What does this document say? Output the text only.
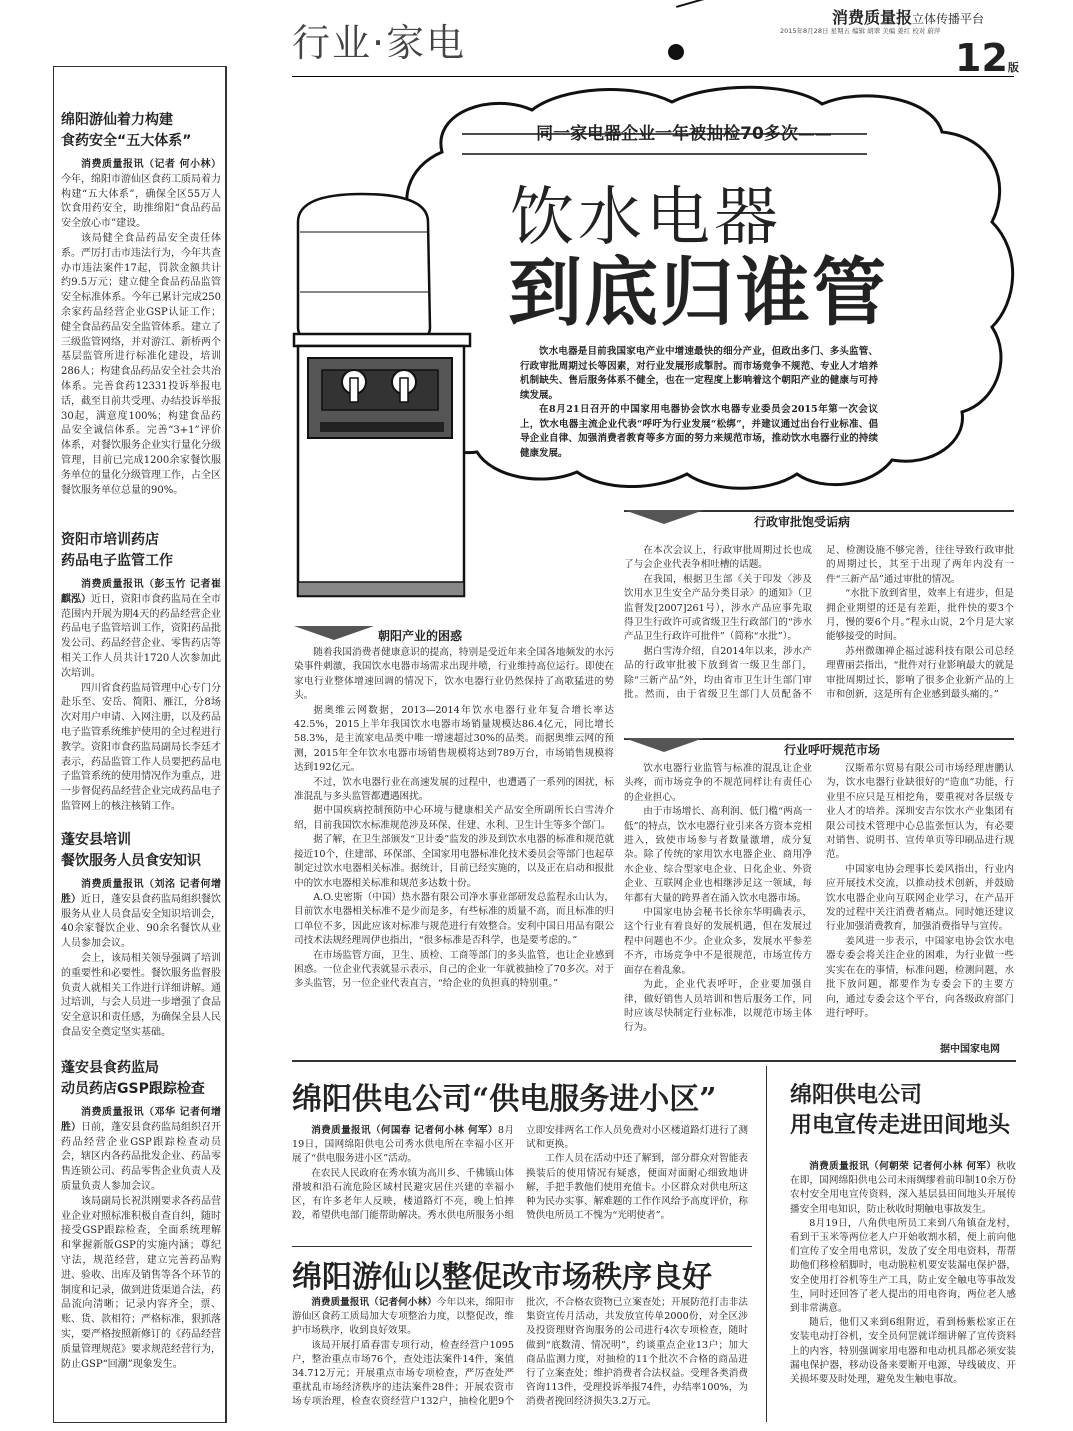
行业·家电
消费质量报立体传播平台
2015年8月28日 星期五 编辑 胡翠 美编 姜红 校对 蔚萍
12版
绵阳游仙着力构建
食药安全“五大体系”

消费质量报讯（记者 何小林）今年，绵阳市游仙区食药工质局着力构建“五大体系”，确保全区55万人饮食用药安全，助推绵阳“食品药品安全放心市”建设。

该局健全食品药品安全责任体系。严厉打击市违法行为，今年共查办市违法案件17起，罚款金额共计约9.5万元；建立健全食品药品监管安全标准体系。今年已累计完成250余家药品经营企业GSP认证工作；健全食品药品安全监管体系。建立了三级监管网络，并对游江、新桥两个基层监管所进行标准化建设，培训286人；构建食品药品安全社会共治体系。完善食药12331投诉举报电话，截至目前共受理、办结投诉举报30起，满意度100%；构建食品药品安全诚信体系。完善“3+1”评价体系，对餐饮服务企业实行量化分级管理，目前已完成1200余家餐饮服务单位的量化分级管理工作，占全区餐饮服务单位总量的90%。

资阳市培训药店
药品电子监管工作

消费质量报讯（彭玉竹 记者崔麒泓）近日，资阳市食药监局在全市范围内开展为期4天的药品经营企业药品电子监管培训工作，资阳药品批发公司、药品经营企业、零售药店等相关工作人员共计1720人次参加此次培训。

四川省食药监局管理中心专门分赴乐至、安岳、简阳、雁江，分8场次对用户申请、入网注册，以及药品电子监管系统维护使用的全过程进行教学。资阳市食药监局副局长李廷才表示，药品监管工作人员要把药品电子监管系统的使用情况作为重点，进一步督促药品经营企业完成药品电子监管网上的核注核销工作。

蓬安县培训
餐饮服务人员食安知识

消费质量报讯（刘洺 记者何增胜）近日，蓬安县食药监局组织餐饮服务从业人员食品安全知识培训会，40余家餐饮企业、90余名餐饮从业人员参加会议。

会上，该局相关领导强调了培训的重要性和必要性。餐饮服务监督股负责人就相关工作进行详细讲解。通过培训，与会人员进一步增强了食品安全意识和责任感，为确保全县人民食品安全奠定坚实基础。

蓬安县食药监局
动员药店GSP跟踪检查

消费质量报讯（邓华 记者何增胜）日前，蓬安县食药监局组织召开药品经营企业GSP跟踪检查动员会，辖区内各药品批发企业、药品零售连锁公司、药品零售企业负责人及质量负责人参加会议。

该局副局长祝洪刚要求各药品营业企业对照标准积极自查自纠，随时接受GSP跟踪检查，全面系统理解和掌握新版GSP的实施内涵；尊纪守法，规范经营，建立完善药品购进、验收、出库及销售等各个环节的制度和记录，做到进货渠道合法，药品流向清晰；记录内容齐全，票、账、货、款相符；严格标准，狠抓落实，要严格按照新修订的《药品经营质量管理规范》要求规范经营行为，防止GSP“回潮”现象发生。

同一家电器企业一年被抽检70多次——
饮水电器
到底归谁管

饮水电器是目前我国家电产业中增速最快的细分产业，但政出多门、多头监管、行政审批周期过长等因素，对行业发展形成掣肘。而市场竞争不规范、专业人才培养机制缺失、售后服务体系不健全，也在一定程度上影响着这个朝阳产业的健康与可持续发展。

在8月21日召开的中国家用电器协会饮水电器专业委员会2015年第一次会议上，饮水电器主流企业代表“呼吁为行业发展“松绑”，并建议通过出台行业标准、倡导企业自律、加强消费者教育等多方面的努力来规范市场，推动饮水电器行业的持续健康发展。

朝阳产业的困惑

随着我国消费者健康意识的提高，特别是受近年来全国各地频发的水污染事件刺激，我国饮水电器市场需求出现井喷，行业维持高位运行。即使在家电行业整体增速回调的情况下，饮水电器行业仍然保持了高歌猛进的势头。

据奥维云网数据，2013—2014年饮水电器行业年复合增长率达42.5%，2015上半年我国饮水电器市场销量规模达86.4亿元，同比增长58.3%，是主流家电品类中唯一增速超过30%的品类。而据奥维云网的预测，2015年全年饮水电器市场销售规模将达到789万台，市场销售规模将达到192亿元。

不过，饮水电器行业在高速发展的过程中，也遭遇了一系列的困扰，标准混乱与多头监管都遭遇困扰。

据中国疾病控制预防中心环境与健康相关产品安全所副所长白雪涛介绍，目前我国饮水标准规范涉及环保、住建、水利、卫生计生等多个部门。

据了解，在卫生部颁发“卫计委”监发的涉及到饮水电器的标准和规范就接近10个，住建部、环保部、全国家用电器标准化技术委员会等部门也起草制定过饮水电器相关标准。据统计，目前已经实施的，以及正在启动和报批中的饮水电器相关标准和规范多达数十份。

A.O.史密斯（中国）热水器有限公司净水事业部研发总监程永山认为，目前饮水电器相关标准不是少而是多，有些标准的质量不高，而且标准的归口单位不多，因此应该对标准与规范进行有效整合。安利中国日用品有限公司技术法规经理周伊也指出，“很多标准是否科学，也是要考虑的。”

在市场监管方面，卫生、质检、工商等部门的多头监管，也让企业感到困惑。一位企业代表就显示表示，自己的企业一年就被抽检了70多次。对于多头监管，另一位企业代表直言，“给企业的负担真的特别重。”

行政审批饱受诟病

在本次会议上，行政审批周期过长也成了与会企业代表争相吐槽的话题。

在我国，根据卫生部《关于印发〈涉及饮用水卫生安全产品分类目录〉的通知》（卫监督发[2007]261号），涉水产品应事先取得卫生行政许可或省级卫生行政部门的“涉水产品卫生行政许可批件”（简称“水批”）。

据白雪涛介绍，自2014年以来，涉水产品的行政审批被下放到省一级卫生部门，除“三新产品”外，均由省市卫生计生部门审批。然而，由于省级卫生部门人员配备不足、检测设施不够完善，往往导致行政审批的周期过长，其至于出现了两年内没有一件“三新产品”通过审批的情况。

“水批下放到省里，效率上有进步，但是拥企业期望的还是有差距，批件快的要3个月，慢的要6个月。”程永山说，2个月是大家能够接受的时间。

苏州微珈禅企福过滤科技有限公司总经理曹丽芸指出，“批件对行业影响最大的就是审批周期过长，影响了很多企业新产品的上市和创新，这是所有企业感到最头痛的。”

行业呼吁规范市场

饮水电器行业监管与标准的混乱让企业头疼，而市场竞争的不规范同样让有责任心的企业担心。

由于市场增长、高利润、低门槛“两高一低”的特点，饮水电器行业引来各方资本竞相进入，致使市场参与者数量激增，成分复杂。除了传统的家用饮水电器企业、商用净水企业、综合型家电企业、日化企业、外资企业、互联网企业也相继涉足这一领域，每年都有大量的跨界者在涌入饮水电器市场。

中国家电协会秘书长徐东华明确表示，这个行业有着良好的发展机遇，但在发展过程中问题也不少。企业众多，发展水平参差不齐，市场竞争中不是很规范，市场宣传方面存在着乱象。

为此，企业代表呼吁，企业要加强自律，做好销售人员培训和售后服务工作，同时应该尽快制定行业标准，以规范市场主体行为。

汉斯希尔贸易有限公司市场经理唐鹏认为，饮水电器行业缺很好的“造血”功能，行业里不应只是互相挖角，要重视对各层级专业人才的培养。深圳安吉尔饮水产业集团有限公司技术管理中心总监张恒认为，有必要对销售、说明书、宣传单页等印刷品进行规范。

中国家电协会理事长姜风指出，行业内应开展技术交流，以推动技术创新，并鼓励饮水电器企业向互联网企业学习，在产品开发的过程中关注消费者痛点。同时她还建议行业加强消费教育，加强消费指导与宣传。

姜风进一步表示，中国家电协会饮水电器专委会将关注企业的困难，为行业做一些实实在在的事情，标准问题，检测问题，水批下放问题，都要作为专委会下的主要方向，通过专委会这个平台，向各级政府部门进行呼吁。

据中国家电网
绵阳供电公司“供电服务进小区”

消费质量报讯（何国春 记者何小林 何军）8月19日，国网绵阳供电公司秀水供电所在幸福小区开展了“供电服务进小区”活动。

在农民人民政府在秀水镇为高川乡、千佛镇山体滑坡和沿石流危险区域村民避灾居住兴建的幸福小区，有许多老年人反映，楼道路灯不亮，晚上怕摔跤，希望供电部门能帮助解决。秀水供电所服务小组立即安排两名工作人员免费对小区楼道路灯进行了测试和更换。

工作人员在活动中还了解到，部分群众对智能表换装后的使用情况有疑惑，便面对面耐心细致地讲解，手把手教他们使用充值卡。小区群众对供电所这种为民办实事、解难题的工作作风给予高度评价，称赞供电所员工不愧为“光明使者”。

绵阳游仙以整促改市场秩序良好

消费质量报讯（记者何小林）今年以来，绵阳市游仙区食药工质局加大专项整治力度，以整促改，维护市场秩序，收到良好效果。

该局开展打盾春雷专项行动，检查经营户1095户，整治重点市场76个，查处违法案件14件，案值34.712万元；开展重点市场专项检查，严厉查处严重扰乱市场经济秩序的违法案件28件；开展农资市场专项治理，检查农资经营户132户，抽检化肥9个批次，不合格农资物已立案查处；开展防范打击非法集资宣传月活动，共发放宣传单2000份，对全区涉及投资理财咨询服务的公司进行4次专项检查，随时做到“底数清、情况明”，约谈重点企业13户；加大商品监测力度，对抽检的11个批次不合格的商品进行了立案查处；维护消费者合法权益。受理各类消费咨询113件，受理投诉举报74件，办结率100%，为消费者挽回经济损失3.2万元。

绵阳供电公司
用电宣传走进田间地头

消费质量报讯（何朝荣 记者何小林 何军）秋收在即，国网绵阳供电公司未雨绸缪着前印制10余万份农村安全用电宣传资料，深入基层县田间地头开展传播安全用电知识，防止秋收时期触电事故发生。

8月19日，八角供电所员工来到八角镇奋龙村，看到干玉米等两位老人户开始收割水稻，便上前向他们宣传了安全用电常识，发放了安全用电资料，帮帮助他们移检稻脚时，电动脱粒机要安装漏电保护器，安全使用打谷机等生产工具，防止安全触电等事故发生，同时还回答了老人提出的用电咨询，两位老人感到非常满意。

随后，他们又来到6组附近，看到杨紫松家正在安装电动打谷机，安全员何罡就详细讲解了宣传资料上的内容，特别强调家用电器和电动机具都必须安装漏电保护器，移动设备来要断开电源，导线破皮、开关损坏要及时处理，避免发生触电事故。
